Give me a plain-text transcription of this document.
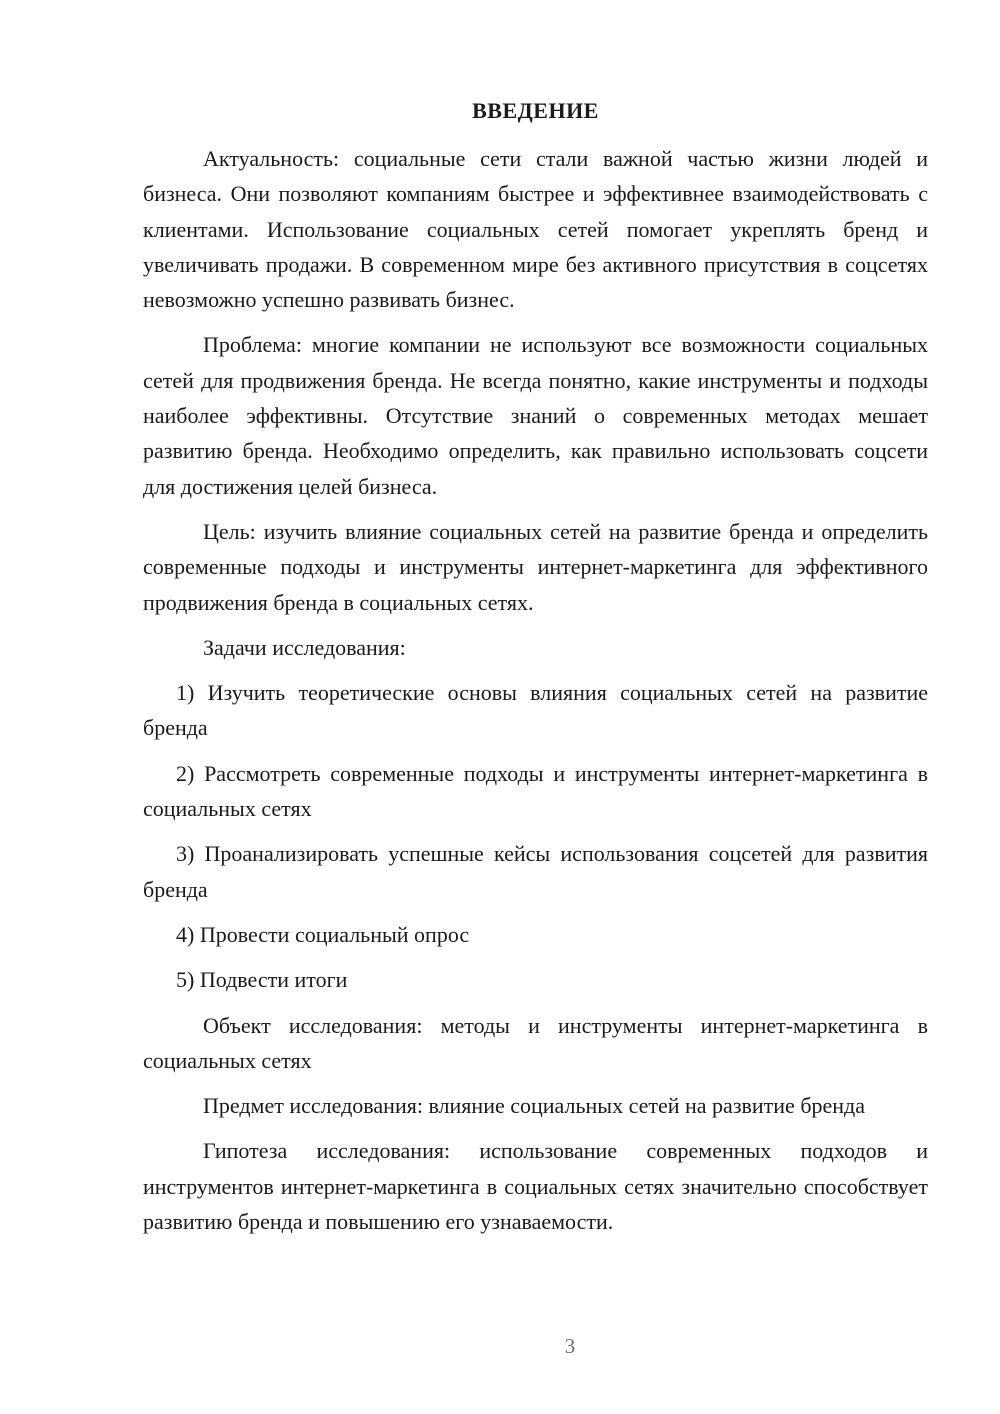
ВВЕДЕНИЕ

Актуальность: социальные сети стали важной частью жизни людей и бизнеса. Они позволяют компаниям быстрее и эффективнее взаимодействовать с клиентами. Использование социальных сетей помогает укреплять бренд и увеличивать продажи. В современном мире без активного присутствия в соцсетях невозможно успешно развивать бизнес.

Проблема: многие компании не используют все возможности социальных сетей для продвижения бренда. Не всегда понятно, какие инструменты и подходы наиболее эффективны. Отсутствие знаний о современных методах мешает развитию бренда. Необходимо определить, как правильно использовать соцсети для достижения целей бизнеса.

Цель: изучить влияние социальных сетей на развитие бренда и определить современные подходы и инструменты интернет-маркетинга для эффективного продвижения бренда в социальных сетях.

Задачи исследования:

1) Изучить теоретические основы влияния социальных сетей на развитие бренда

2) Рассмотреть современные подходы и инструменты интернет-маркетинга в социальных сетях

3) Проанализировать успешные кейсы использования соцсетей для развития бренда

4) Провести социальный опрос

5) Подвести итоги

Объект исследования: методы и инструменты интернет-маркетинга в социальных сетях

Предмет исследования: влияние социальных сетей на развитие бренда

Гипотеза исследования: использование современных подходов и инструментов интернет-маркетинга в социальных сетях значительно способствует развитию бренда и повышению его узнаваемости.

3
